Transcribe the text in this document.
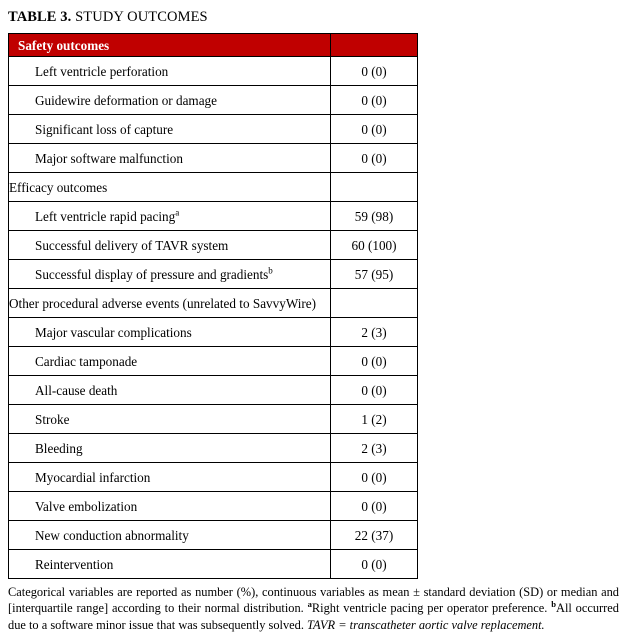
TABLE 3. STUDY OUTCOMES
Safety outcomes	
Left ventricle perforation	0 (0)
Guidewire deformation or damage	0 (0)
Significant loss of capture	0 (0)
Major software malfunction	0 (0)
Efficacy outcomes	
Left ventricle rapid pacing$^a$	59 (98)
Successful delivery of TAVR system	60 (100)
Successful display of pressure and gradients$^b$	57 (95)
Other procedural adverse events (unrelated to SavvyWire)	
Major vascular complications	2 (3)
Cardiac tamponade	0 (0)
All-cause death	0 (0)
Stroke	1 (2)
Bleeding	2 (3)
Myocardial infarction	0 (0)
Valve embolization	0 (0)
New conduction abnormality	22 (37)
Reintervention	0 (0)
Categorical variables are reported as number (%), continuous variables as mean ± standard deviation (SD) or median and [interquartile range] according to their normal distribution. $^a$Right ventricle pacing per operator preference. $^b$All occurred due to a software minor issue that was subsequently solved. TAVR = transcatheter aortic valve replacement.
